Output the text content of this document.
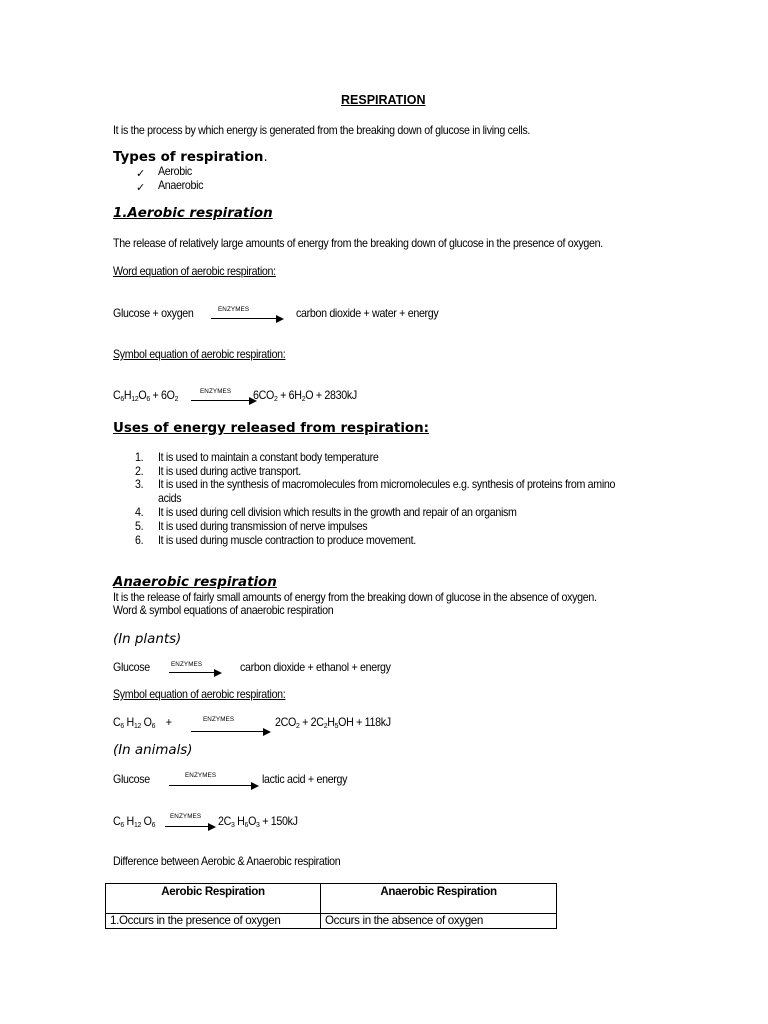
RESPIRATION
It is the process by which energy is generated from the breaking down of glucose in living cells.
Types of respiration.
✓ Aerobic
✓ Anaerobic
1.Aerobic respiration
The release of relatively large amounts of energy from the breaking down of glucose in the presence of oxygen.
Word equation of aerobic respiration:
Glucose + oxygen	ENZYMES	carbon dioxide + water + energy
Symbol equation of aerobic respiration:
$C_6H_{12}O_6 + 6O_2$
ENZYMES $6CO_2 + 6H_2O + 2830kJ$
Uses of energy released from respiration:
1. It is used to maintain a constant body temperature
2. It is used during active transport.
3. It is used in the synthesis of macromolecules from micromolecules e.g. synthesis of proteins from amino
acids
4. It is used during cell division which results in the growth and repair of an organism
5. It is used during transmission of nerve impulses
6. It is used during muscle contraction to produce movement.
Anaerobic respiration
It is the release of fairly small amounts of energy from the breaking down of glucose in the absence of oxygen.
Word & symbol equations of anaerobic respiration
(In plants)
Glucose	ENZYMES → carbon dioxide + ethanol + energy
Symbol equation of aerobic respiration:
$C_6$ $H_{12}$ $O_6$    +	ENZYMES	$2CO_2 + 2C_2H_5OH + 118kJ$
(In animals)
Glucose	ENZYMES	lactic acid + energy
$C_6$ $H_{12}$ $O_6$
ENZYMES → $2C_3$ $H_6O_3 + 150kJ$
Difference between Aerobic & Anaerobic respiration
Aerobic Respiration	Anaerobic Respiration
1.Occurs in the presence of oxygen	Occurs in the absence of oxygen
